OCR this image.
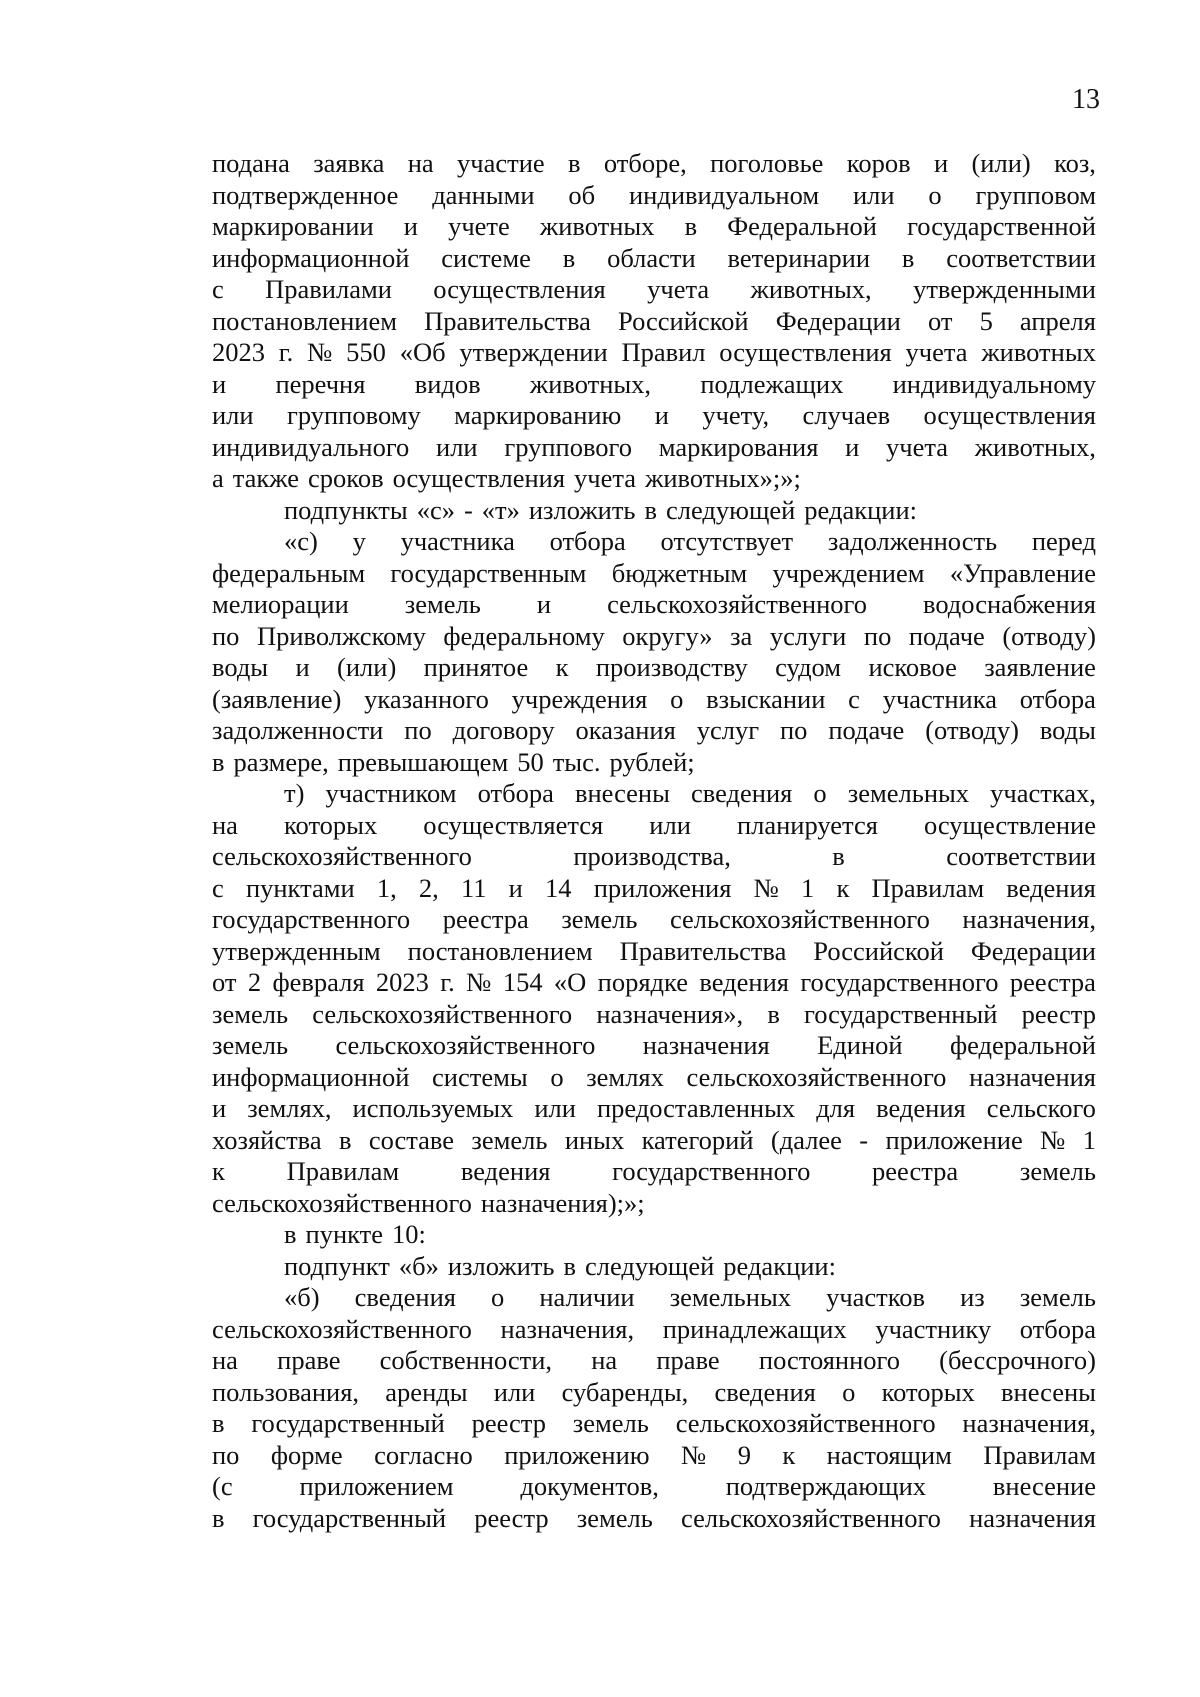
13
подана заявка на участие в отборе, поголовье коров и (или) коз,
подтвержденное данными об индивидуальном или о групповом
маркировании и учете животных в Федеральной государственной
информационной системе в области ветеринарии в соответствии
с Правилами осуществления учета животных, утвержденными
постановлением Правительства Российской Федерации от 5 апреля
2023 г. № 550 «Об утверждении Правил осуществления учета животных
и перечня видов животных, подлежащих индивидуальному
или групповому маркированию и учету, случаев осуществления
индивидуального или группового маркирования и учета животных,
а также сроков осуществления учета животных»;»;
подпункты «с» - «т» изложить в следующей редакции:
«с) у участника отбора отсутствует задолженность перед
федеральным государственным бюджетным учреждением «Управление
мелиорации земель и сельскохозяйственного водоснабжения
по Приволжскому федеральному округу» за услуги по подаче (отводу)
воды и (или) принятое к производству судом исковое заявление
(заявление) указанного учреждения о взыскании с участника отбора
задолженности по договору оказания услуг по подаче (отводу) воды
в размере, превышающем 50 тыс. рублей;
т) участником отбора внесены сведения о земельных участках,
на которых осуществляется или планируется осуществление
сельскохозяйственного	производства,	в	соответствии
с пунктами 1, 2, 11 и 14 приложения № 1 к Правилам ведения
государственного реестра земель сельскохозяйственного назначения,
утвержденным постановлением Правительства Российской Федерации
от 2 февраля 2023 г. № 154 «О порядке ведения государственного реестра
земель сельскохозяйственного назначения», в государственный реестр
земель сельскохозяйственного назначения Единой федеральной
информационной системы о землях сельскохозяйственного назначения
и землях, используемых или предоставленных для ведения сельского
хозяйства в составе земель иных категорий (далее - приложение № 1
к Правилам ведения государственного реестра земель
сельскохозяйственного назначения);»;
в пункте 10:
подпункт «б» изложить в следующей редакции:
«б) сведения о наличии земельных участков из земель
сельскохозяйственного назначения, принадлежащих участнику отбора
на праве собственности, на праве постоянного (бессрочного)
пользования, аренды или субаренды, сведения о которых внесены
в государственный реестр земель сельскохозяйственного назначения,
по форме согласно приложению № 9 к настоящим Правилам
(с	приложением	документов,	подтверждающих	внесение
в государственный реестр земель сельскохозяйственного назначения
